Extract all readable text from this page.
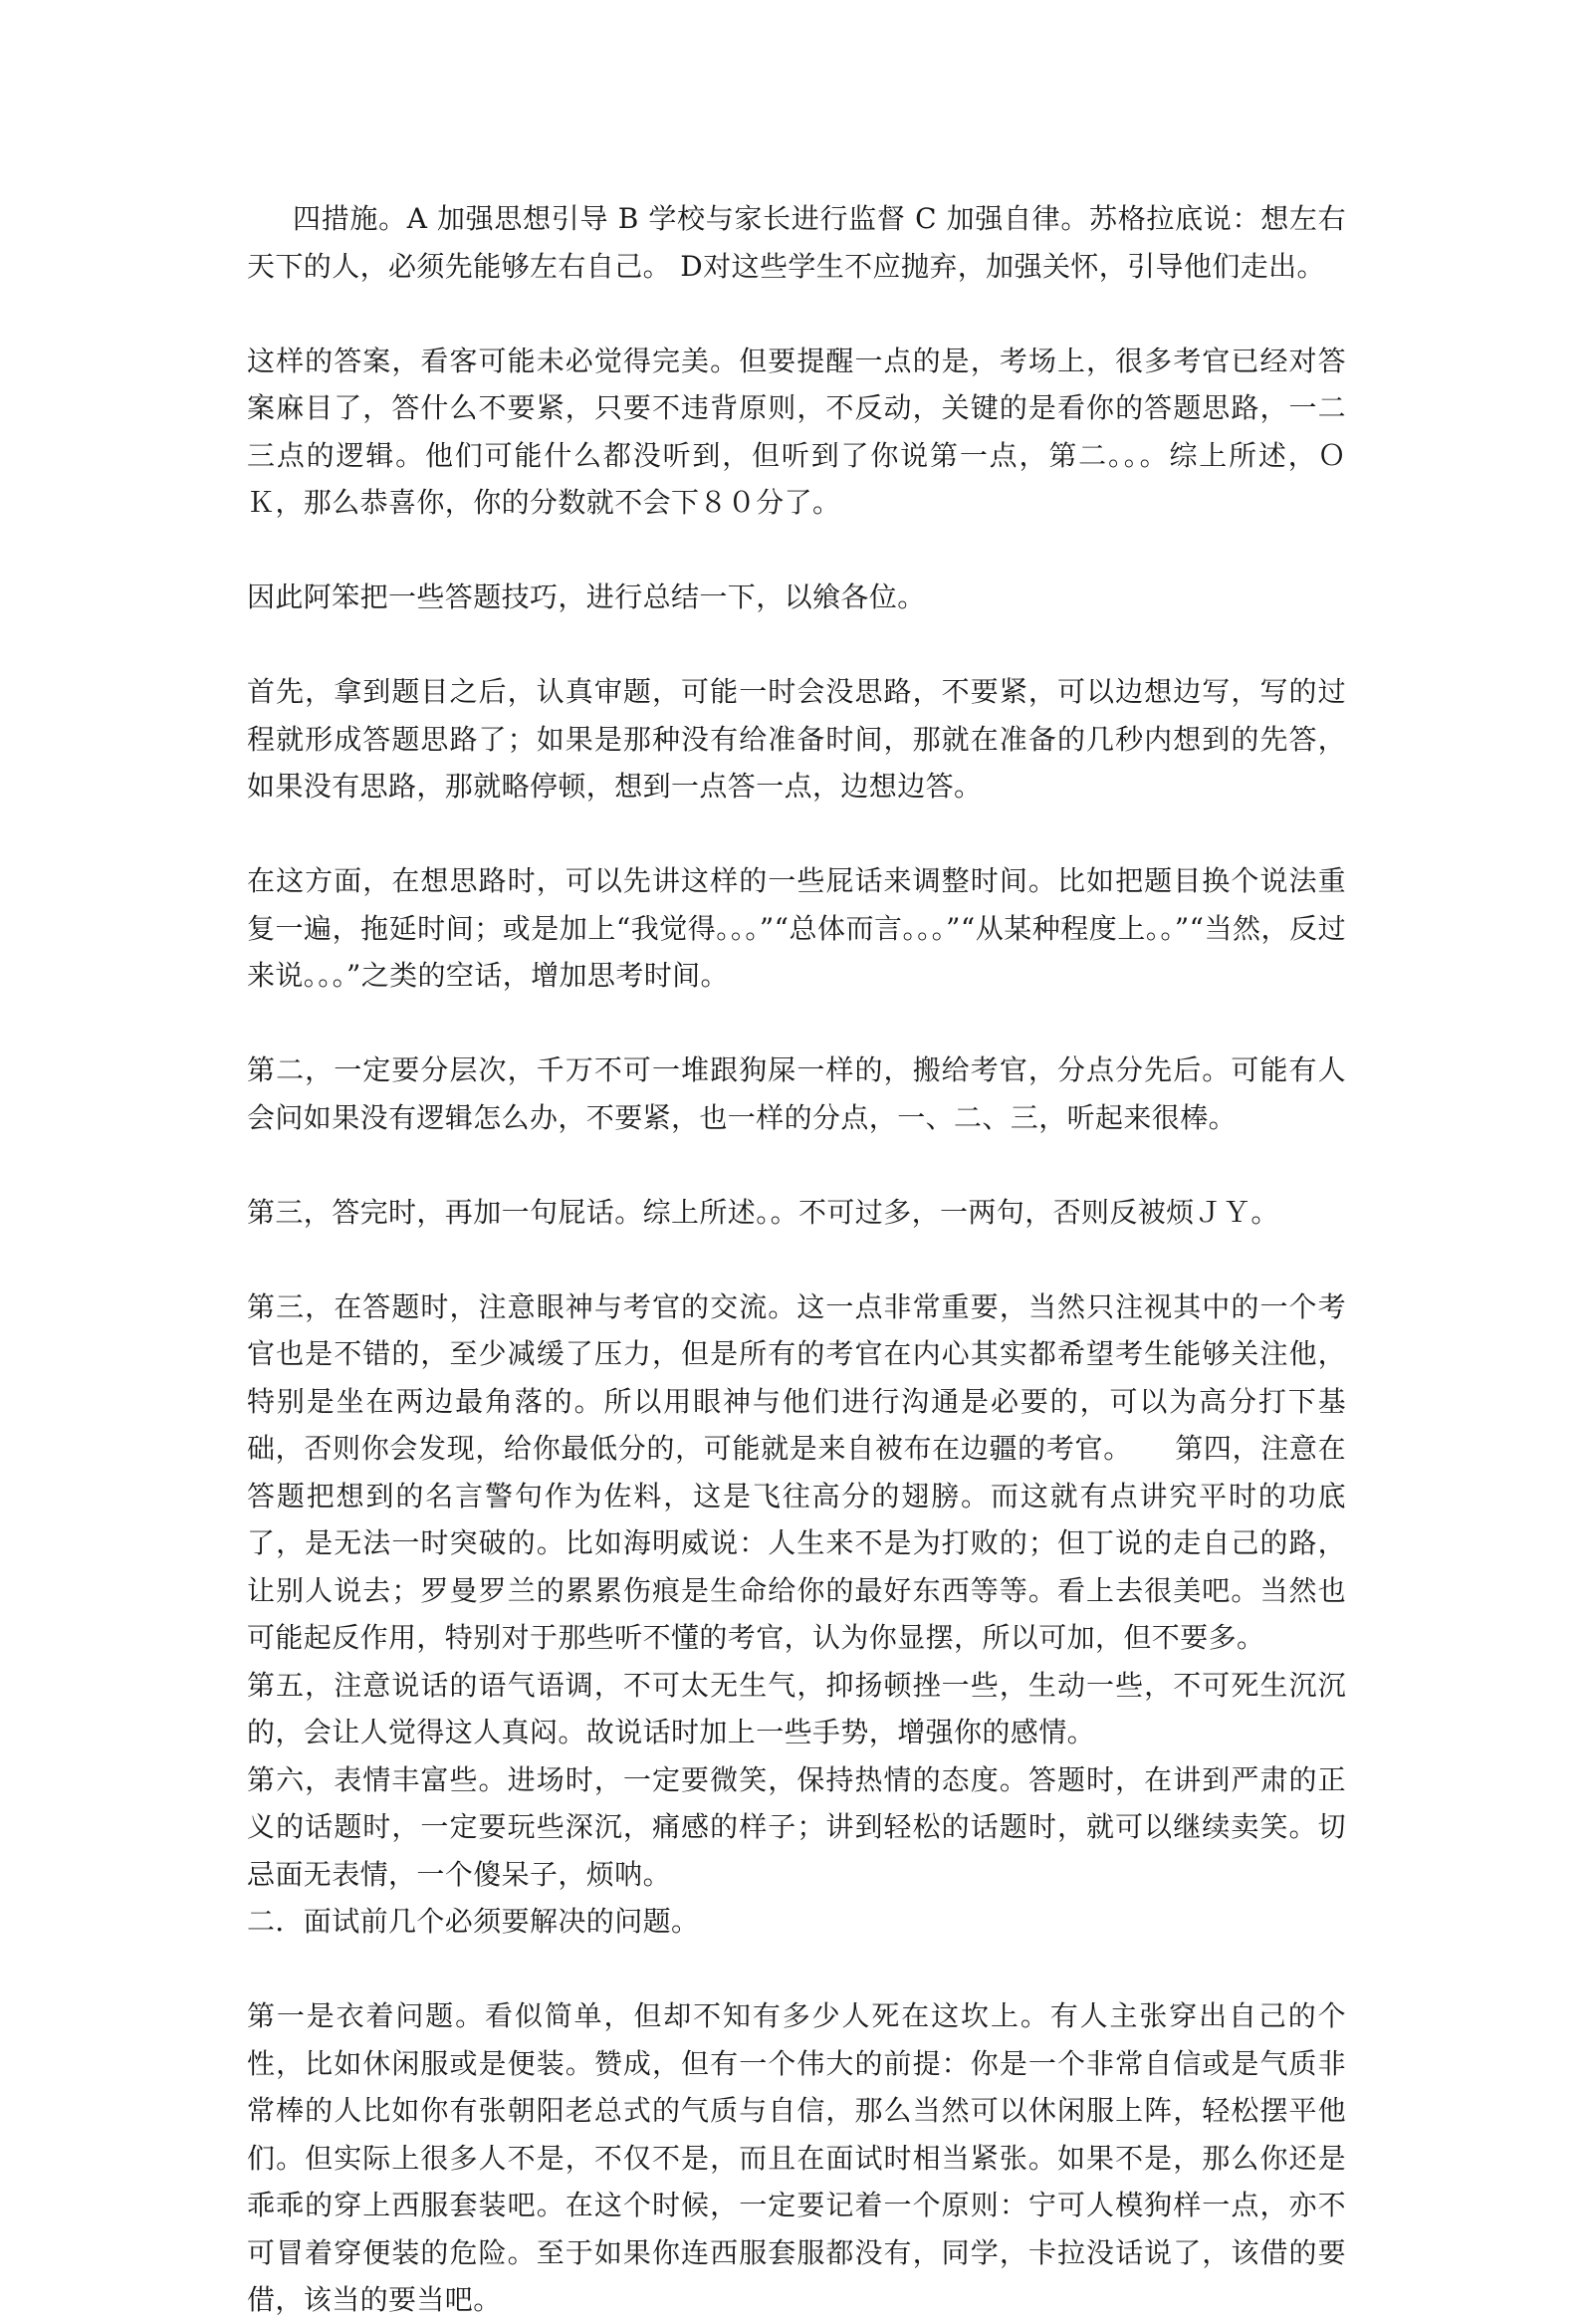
四措施。A 加强思想引导 B 学校与家长进行监督 C 加强自律。苏格拉底说：想左右天下的人，必须先能够左右自己。 D对这些学生不应抛弃，加强关怀，引导他们走出。

这样的答案，看客可能未必觉得完美。但要提醒一点的是，考场上，很多考官已经对答案麻目了，答什么不要紧，只要不违背原则，不反动，关键的是看你的答题思路，一二三点的逻辑。他们可能什么都没听到，但听到了你说第一点，第二。。。综上所述，ＯＫ，那么恭喜你，你的分数就不会下８０分了。

因此阿笨把一些答题技巧，进行总结一下，以飨各位。

首先，拿到题目之后，认真审题，可能一时会没思路，不要紧，可以边想边写，写的过程就形成答题思路了；如果是那种没有给准备时间，那就在准备的几秒内想到的先答，如果没有思路，那就略停顿，想到一点答一点，边想边答。

在这方面，在想思路时，可以先讲这样的一些屁话来调整时间。比如把题目换个说法重复一遍，拖延时间；或是加上“我觉得。。。”“总体而言。。。”“从某种程度上。。”“当然，反过来说。。。”之类的空话，增加思考时间。

第二，一定要分层次，千万不可一堆跟狗屎一样的，搬给考官，分点分先后。可能有人会问如果没有逻辑怎么办，不要紧，也一样的分点，一、二、三，听起来很棒。

第三，答完时，再加一句屁话。综上所述。。不可过多，一两句，否则反被烦ＪＹ。

第三，在答题时，注意眼神与考官的交流。这一点非常重要，当然只注视其中的一个考官也是不错的，至少减缓了压力，但是所有的考官在内心其实都希望考生能够关注他，特别是坐在两边最角落的。所以用眼神与他们进行沟通是必要的，可以为高分打下基础，否则你会发现，给你最低分的，可能就是来自被布在边疆的考官。　　第四，注意在答题把想到的名言警句作为佐料，这是飞往高分的翅膀。而这就有点讲究平时的功底了，是无法一时突破的。比如海明威说：人生来不是为打败的；但丁说的走自己的路，让别人说去；罗曼罗兰的累累伤痕是生命给你的最好东西等等。看上去很美吧。当然也可能起反作用，特别对于那些听不懂的考官，认为你显摆，所以可加，但不要多。

第五，注意说话的语气语调，不可太无生气，抑扬顿挫一些，生动一些，不可死生沉沉的，会让人觉得这人真闷。故说话时加上一些手势，增强你的感情。

第六，表情丰富些。进场时，一定要微笑，保持热情的态度。答题时，在讲到严肃的正义的话题时，一定要玩些深沉，痛感的样子；讲到轻松的话题时，就可以继续卖笑。切忌面无表情，一个傻呆子，烦呐。

二．面试前几个必须要解决的问题。

第一是衣着问题。看似简单，但却不知有多少人死在这坎上。有人主张穿出自己的个性，比如休闲服或是便装。赞成，但有一个伟大的前提：你是一个非常自信或是气质非常棒的人比如你有张朝阳老总式的气质与自信，那么当然可以休闲服上阵，轻松摆平他们。但实际上很多人不是，不仅不是，而且在面试时相当紧张。如果不是，那么你还是乖乖的穿上西服套装吧。在这个时候，一定要记着一个原则：宁可人模狗样一点，亦不可冒着穿便装的危险。至于如果你连西服套服都没有，同学，卡拉没话说了，该借的要借，该当的要当吧。
